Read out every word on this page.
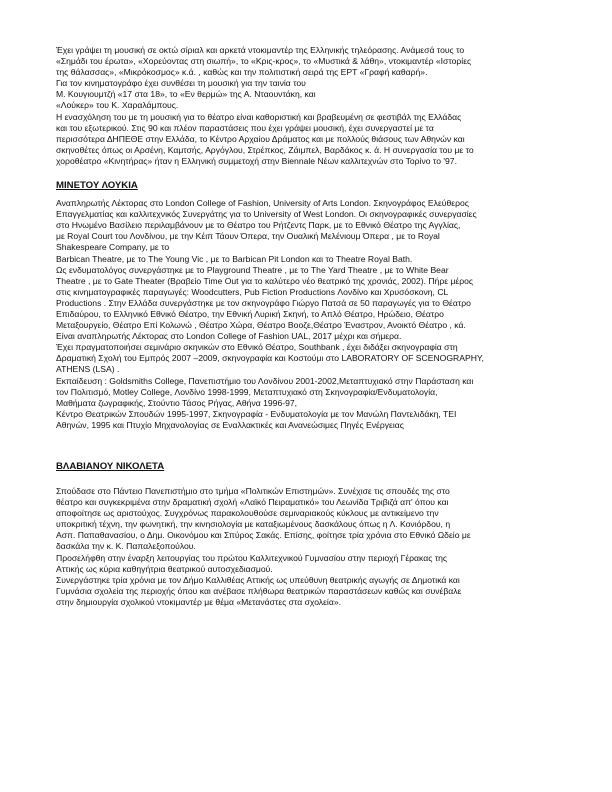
Έχει γράψει τη μουσική σε οκτώ σίριαλ και αρκετά ντοκιμαντέρ της Ελληνικής τηλεόρασης. Ανάμεσά τους το
«Σημάδι του έρωτα», «Χορεύοντας στη σιωπή», το «Κρις-κρος», το «Μυστικά & λάθη», ντοκιμαντέρ «Ιστορίες
της θάλασσας», «Μικρόκοσμος» κ.ά. , καθώς και την πολιτιστική σειρά της ΕΡΤ «Γραφή καθαρή».
Για τον κινηματογράφο έχει συνθέσει τη μουσική για την ταινία του
Μ. Κουγιουμτζή «17 στα 18», το «Εν θερμώ» της Α. Νταουντάκη, και
«Λούκερ» του Κ. Χαραλάμπους.
Η ενασχόληση του με τη μουσική για το θέατρο είναι καθοριστική και βραβευμένη σε φεστιβάλ της Ελλάδας
και του εξωτερικού. Στις 90 και πλέον παραστάσεις που έχει γράψει μουσική, έχει συνεργαστεί με τα
περισσότερα ΔΗΠΕΘΕ στην Ελλάδα, το Κέντρο Αρχαίου Δράματος και με πολλούς θιάσους των Αθηνών και
σκηνοθέτες όπως οι Αρσένη, Καμτσής, Αργόγλου, Στρέπκος, Ζάιμπελ, Βαρδάκος κ. ά. Η συνεργασία του με το
χοροθέατρο «Κινητήρας» ήταν η Ελληνική συμμετοχή στην Biennale Νέων καλλιτεχνών στο Τορίνο το '97.
ΜΙΝΕΤΟΥ ΛΟΥΚΙΑ
Αναπληρωτής Λέκτορας στο London College of Fashion, University of Arts London. Σκηνογράφος Ελεύθερος
Επαγγελματίας και καλλιτεχνικός Συνεργάτης για το University of West London. Οι σκηνογραφικές συνεργασίες
στο Ηνωμένο Βασίλειο περιλαμβάνουν με το Θέατρο του Ρήτζεντς Παρκ, με το Εθνικό Θέατρο της Αγγλίας,
με Royal Court του Λονδίνου, με την Κέιπ Τάουν Όπερα, την Ουαλική Μελένιουμ Όπερα , με το Royal
Shakespeare Company, με το
Barbican Theatre, με το The Young Vic , με το Barbican Pit London και το Theatre Royal Bath.
Ως ενδυματολόγος συνεργάστηκε με το Playground Theatre , με το The Yard Theatre , με το White Bear
Theatre , με το Gate Theater (Βραβείο Time Out για το καλύτερο νέο θεατρικό της χρονιάς, 2002). Πήρε μέρος
στις κινηματογραφικές παραγωγές: Woodcutters, Pub Fiction Productions Λονδίνο και Χρυσόσκονη, CL
Productions . Στην Ελλάδα συνεργάστηκε με τον σκηνογράφο Γιώργο Πατσά σε 50 παραγωγές για το Θέατρο
Επιδαύρου, το Ελληνικό Εθνικό Θέατρο, την Εθνική Λυρική Σκηνή, το Απλό Θέατρο, Ηρώδειο, Θέατρο
Μεταξουργείο, Θέατρο Επί Κολωνώ , Θέατρο Χώρα, Θέατρο Βοοζε,Θέατρο Έναστρον, Ανοικτό Θέατρο , κά.
Είναι αναπληρωτής Λέκτορας στο London College of Fashion UAL, 2017 μέχρι και σήμερα.
Έχει πραγματοποιήσει σεμινάριο σκηνικών στο Εθνικό Θέατρο, Southbank , έχει διδάξει σκηνογραφία στη
Δραματική Σχολή του Εμπρός 2007 –2009, σκηνογραφία και Κοστούμι στο LABORATORY OF SCENOGRAPHY,
ATHENS (LSA) .
Εκπαίδευση : Goldsmiths College, Πανεπιστήμιο του Λονδίνου 2001-2002,Μεταπτυχιακό στην Παράσταση και
τον Πολιτισμό, Motley College, Λονδίνο 1998-1999, Μεταπτυχιακό στη Σκηνογραφία/Ενδυματολογία,
Μαθήματα ζωγραφικής, Στούντιο Τάσος Ρήγας, Αθήνα 1996-97,
Κέντρο Θεατρικών Σπουδών 1995-1997, Σκηνογραφία - Ενδυματολογία με τον Μανώλη Παντελιδάκη, ΤΕΙ
Αθηνών, 1995 και Πτυχίο Μηχανολογίας σε Εναλλακτικές και Ανανεώσιμες Πηγές Ενέργειας
ΒΛΑΒΙΑΝΟΥ ΝΙΚΟΛΕΤΑ
Σπούδασε στο Πάντειο Πανεπιστήμιο στο τμήμα «Πολιτικών Επιστημών». Συνέχισε τις σπουδές της στο
θέατρο και συγκεκριμένα στην δραματική σχολή «Λαϊκό Πειραματικό» του Λεωνίδα Τριβιζά απ' όπου και
αποφοίτησε ως αριστούχος. Συγχρόνως παρακολουθούσε σεμιναριακούς κύκλους με αντικείμενο την
υποκριτική τέχνη, την φωνητική, την κινησιολογία με καταξιωμένους δασκάλους όπως η Λ. Κονιόρδου, η
Ασπ. Παπαθανασίου, ο Δημ. Οικονόμου και Σπύρος Σακάς. Επίσης, φοίτησε τρία χρόνια στο Εθνικό Ωδείο με
δασκάλα την κ. Κ. Παπαλεξοπούλου.
Προσελήφθη στην έναρξη λειτουργίας του πρώτου Καλλιτεχνικού Γυμνασίου στην περιοχή Γέρακας της
Αττικής ως κύρια καθηγήτρια θεατρικού αυτοσχεδιασμού.
Συνεργάστηκε τρία χρόνια με τον Δήμο Καλλιθέας Αττικής ως υπεύθυνη θεατρικής αγωγής σε Δημοτικά και
Γυμνάσια σχολεία της περιοχής όπου και ανέβασε πλήθωρα θεατρικών παραστάσεων καθώς και συνέβαλε
στην δημιουργία σχολικού ντοκιμαντέρ με θέμα «Μετανάστες στα σχολεία».
